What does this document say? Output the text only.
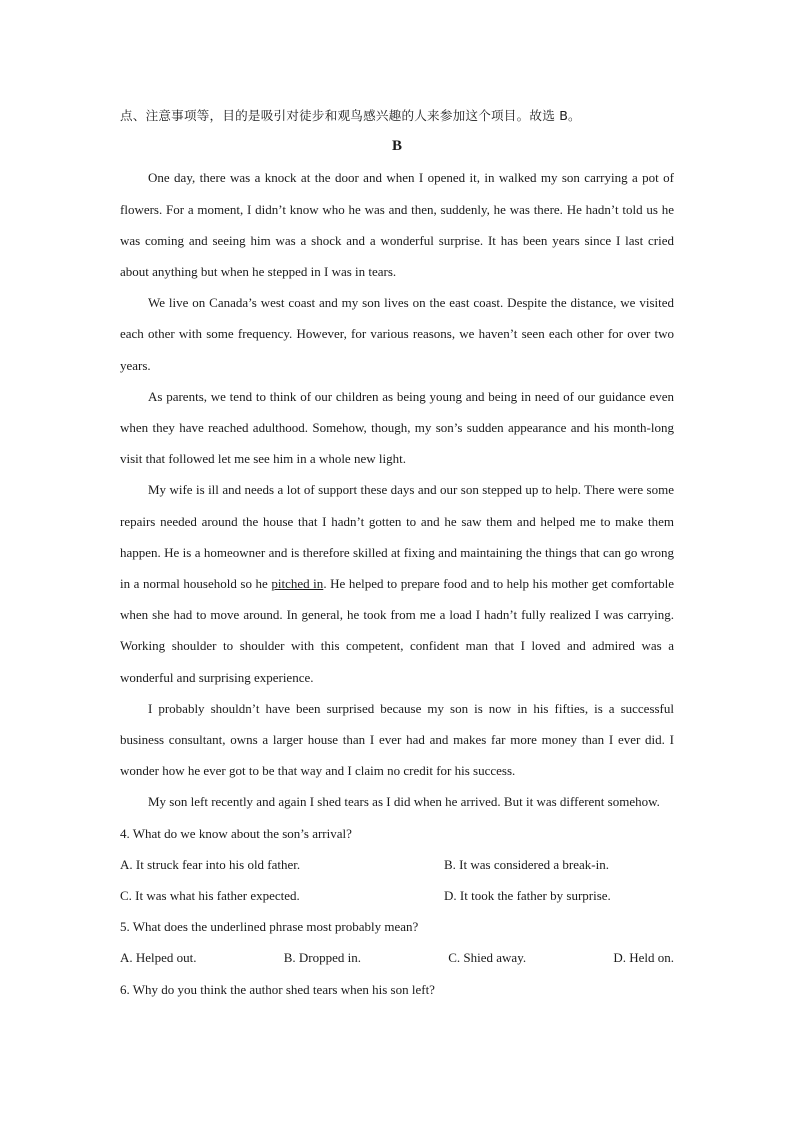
点、注意事项等，目的是吸引对徒步和观鸟感兴趣的人来参加这个项目。故选 B。
B
One day, there was a knock at the door and when I opened it, in walked my son carrying a pot of flowers. For a moment, I didn’t know who he was and then, suddenly, he was there. He hadn’t told us he was coming and seeing him was a shock and a wonderful surprise. It has been years since I last cried about anything but when he stepped in I was in tears.
We live on Canada’s west coast and my son lives on the east coast. Despite the distance, we visited each other with some frequency. However, for various reasons, we haven’t seen each other for over two years.
As parents, we tend to think of our children as being young and being in need of our guidance even when they have reached adulthood. Somehow, though, my son’s sudden appearance and his month-long visit that followed let me see him in a whole new light.
My wife is ill and needs a lot of support these days and our son stepped up to help. There were some repairs needed around the house that I hadn’t gotten to and he saw them and helped me to make them happen. He is a homeowner and is therefore skilled at fixing and maintaining the things that can go wrong in a normal household so he pitched in. He helped to prepare food and to help his mother get comfortable when she had to move around. In general, he took from me a load I hadn’t fully realized I was carrying. Working shoulder to shoulder with this competent, confident man that I loved and admired was a wonderful and surprising experience.
I probably shouldn’t have been surprised because my son is now in his fifties, is a successful business consultant, owns a larger house than I ever had and makes far more money than I ever did. I wonder how he ever got to be that way and I claim no credit for his success.
My son left recently and again I shed tears as I did when he arrived. But it was different somehow.
4. What do we know about the son’s arrival?
A. It struck fear into his old father.	B. It was considered a break-in.
C. It was what his father expected.	D. It took the father by surprise.
5. What does the underlined phrase most probably mean?
A. Helped out.	B. Dropped in.	C. Shied away.	D. Held on.
6. Why do you think the author shed tears when his son left?
